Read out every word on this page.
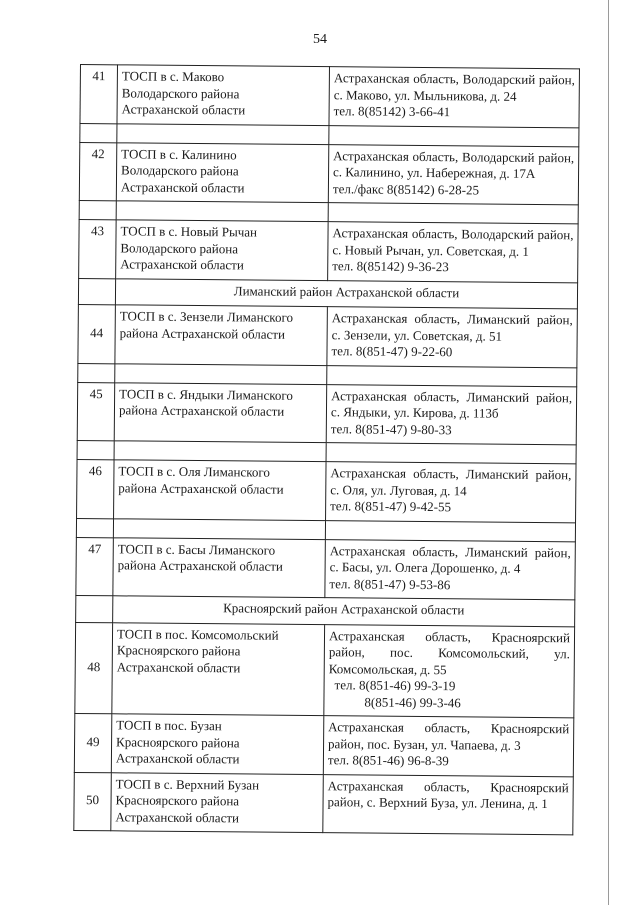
54
41	ТОСП в с. Маково
Володарского района
Астраханской области	Астраханская область, Володарский район, с. Маково, ул. Мыльникова, д. 24
тел. 8(85142) 3-66-41

42	ТОСП в с. Калинино
Володарского района
Астраханской области	Астраханская область, Володарский район, с. Калинино, ул. Набережная, д. 17А
тел./факс 8(85142) 6-28-25

43	ТОСП в с. Новый Рычан
Володарского района
Астраханской области	Астраханская область, Володарский район, с. Новый Рычан, ул. Советская, д. 1
тел. 8(85142) 9-36-23

	Лиманский район Астраханской области	
44	ТОСП в с. Зензели Лиманского
района Астраханской области	Астраханская область, Лиманский район, с. Зензели, ул. Советская, д. 51
тел. 8(851-47) 9-22-60

45	ТОСП в с. Яндыки Лиманского
района Астраханской области	Астраханская область, Лиманский район, с. Яндыки, ул. Кирова, д. 113б
тел. 8(851-47) 9-80-33

46	ТОСП в с. Оля Лиманского
района Астраханской области	Астраханская область, Лиманский район, с. Оля, ул. Луговая, д. 14
тел. 8(851-47) 9-42-55

47	ТОСП в с. Басы Лиманского
района Астраханской области	Астраханская область, Лиманский район, с. Басы, ул. Олега Дорошенко, д. 4
тел. 8(851-47) 9-53-86

	Красноярский район Астраханской области	
48	ТОСП в пос. Комсомольский
Красноярского района
Астраханской области	Астраханская область, Красноярский район, пос. Комсомольский, ул. Комсомольская, д. 55
тел. 8(851-46) 99-3-19
8(851-46) 99-3-46

49	ТОСП в пос. Бузан
Красноярского района
Астраханской области	Астраханская область, Красноярский район, пос. Бузан, ул. Чапаева, д. 3
тел. 8(851-46) 96-8-39

50	ТОСП в с. Верхний Бузан
Красноярского района
Астраханской области	Астраханская область, Красноярский район, с. Верхний Буза, ул. Ленина, д. 1
